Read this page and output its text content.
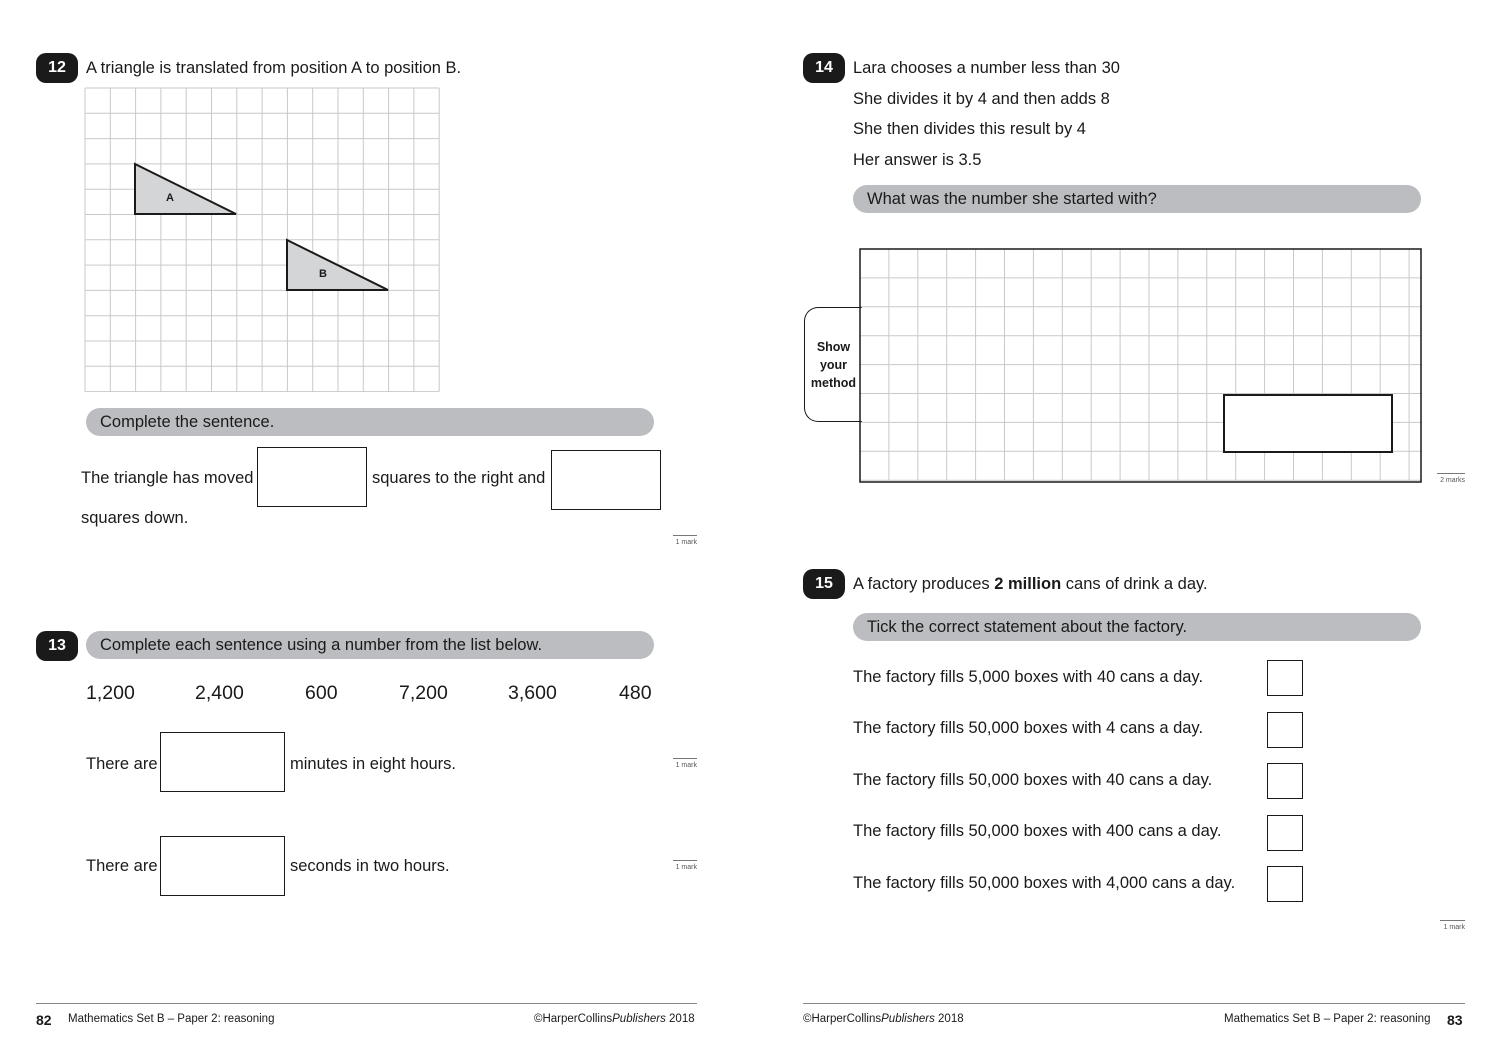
12	A triangle is translated from position A to position B.
A
B
Complete the sentence.
The triangle has moved	squares to the right and
squares down.
1 mark
13	Complete each sentence using a number from the list below.
1,200	2,400	600	7,200	3,600	480
There are	minutes in eight hours.	1 mark
There are	seconds in two hours.	1 mark
82 Mathematics Set B – Paper 2: reasoning	©HarperCollinsPublishers 2018
14	Lara chooses a number less than 30
She divides it by 4 and then adds 8
She then divides this result by 4
Her answer is 3.5
What was the number she started with?
Show
your
method
2 marks
15	A factory produces 2 million cans of drink a day.
Tick the correct statement about the factory.
The factory fills 5,000 boxes with 40 cans a day.
The factory fills 50,000 boxes with 4 cans a day.
The factory fills 50,000 boxes with 40 cans a day.
The factory fills 50,000 boxes with 400 cans a day.
The factory fills 50,000 boxes with 4,000 cans a day.
1 mark
©HarperCollinsPublishers 2018	Mathematics Set B – Paper 2: reasoning 83
